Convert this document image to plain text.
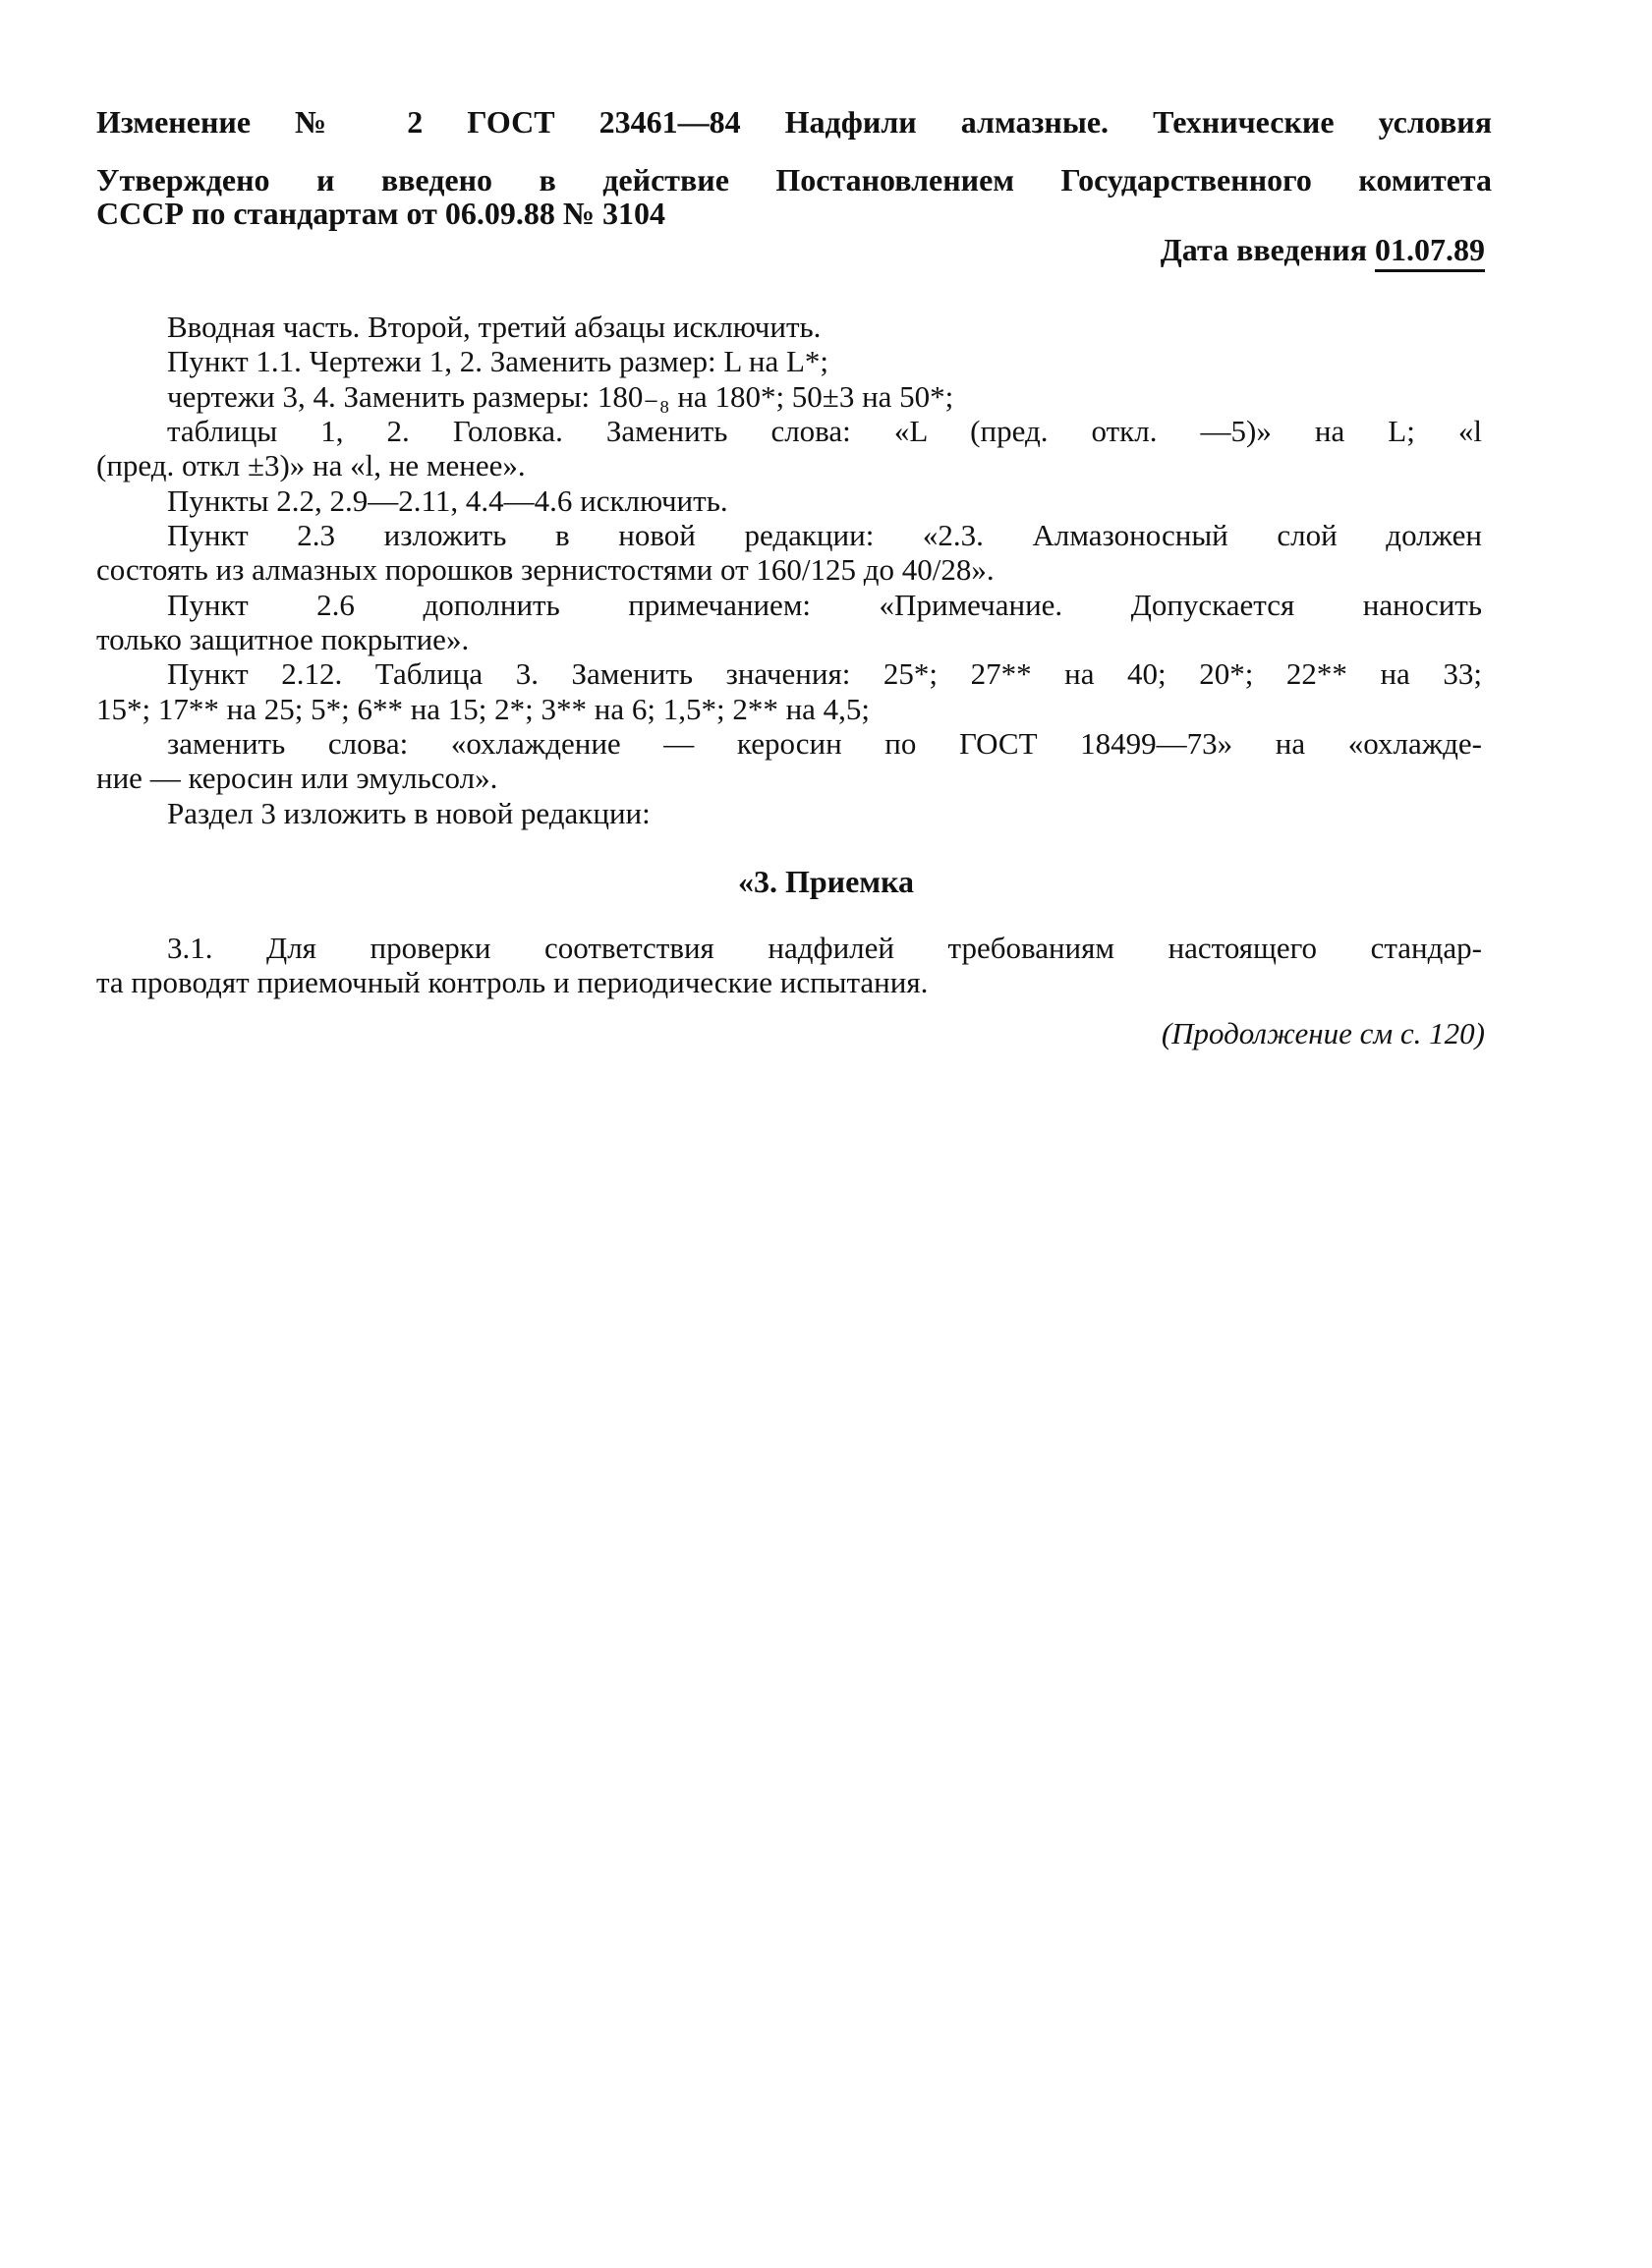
Изменение № 2 ГОСТ 23461—84 Надфили алмазные. Технические условия
Утверждено и введено в действие Постановлением Государственного комитета
СССР по стандартам от 06.09.88 № 3104
Дата введения 01.07.89
Вводная часть. Второй, третий абзацы исключить.
Пункт 1.1. Чертежи 1, 2. Заменить размер: L на L*;
чертежи 3, 4. Заменить размеры: 180₋₈ на 180*; 50±3 на 50*;
таблицы 1, 2. Головка. Заменить слова: «L (пред. откл. —5)» на L; «l
(пред. откл ±3)» на «l, не менее».
Пункты 2.2, 2.9—2.11, 4.4—4.6 исключить.
Пункт 2.3 изложить в новой редакции: «2.3. Алмазоносный слой должен
состоять из алмазных порошков зернистостями от 160/125 до 40/28».
Пункт 2.6 дополнить примечанием: «Примечание. Допускается наносить
только защитное покрытие».
Пункт 2.12. Таблица 3. Заменить значения: 25*; 27** на 40; 20*; 22** на 33;
15*; 17** на 25; 5*; 6** на 15; 2*; 3** на 6; 1,5*; 2** на 4,5;
заменить слова: «охлаждение — керосин по ГОСТ 18499—73» на «охлажде-
ние — керосин или эмульсол».
Раздел 3 изложить в новой редакции:
«3. Приемка
3.1. Для проверки соответствия надфилей требованиям настоящего стандар-
та проводят приемочный контроль и периодические испытания.
(Продолжение см с. 120)
